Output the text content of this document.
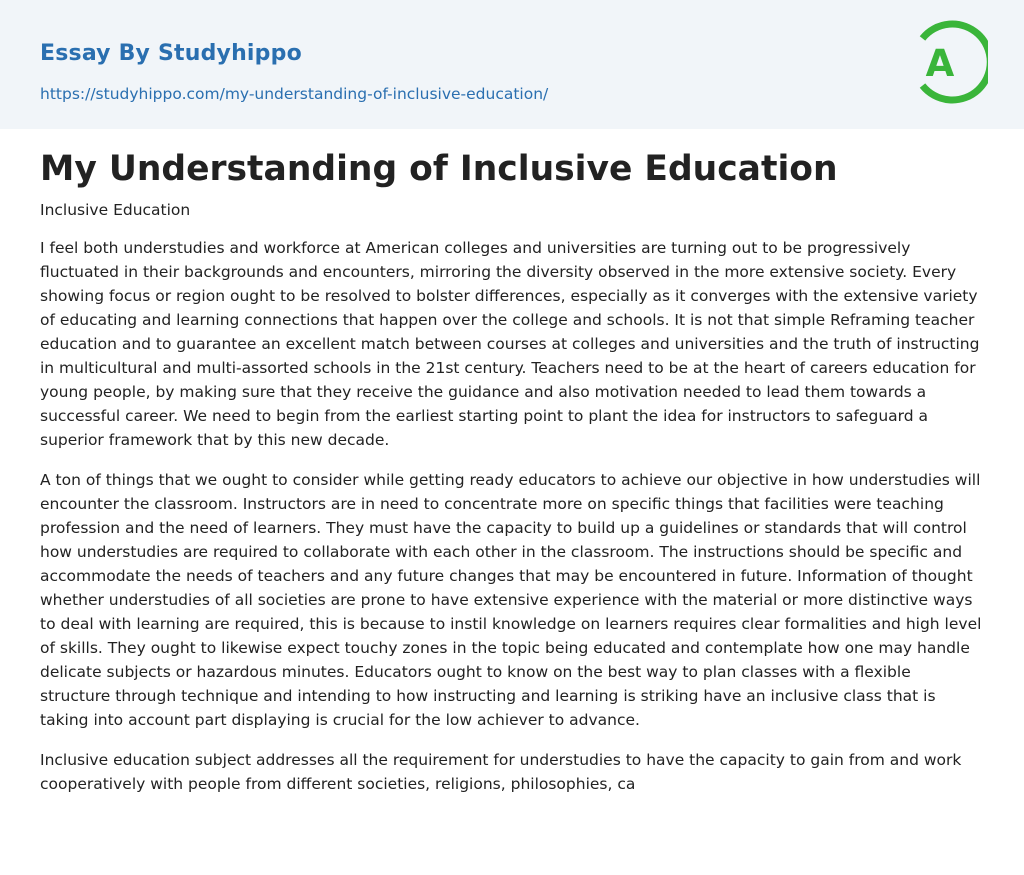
Essay By Studyhippo
https://studyhippo.com/my-understanding-of-inclusive-education/
A
My Understanding of Inclusive Education
Inclusive Education

I feel both understudies and workforce at American colleges and universities are turning out to be progressively fluctuated in their backgrounds and encounters, mirroring the diversity observed in the more extensive society. Every showing focus or region ought to be resolved to bolster differences, especially as it converges with the extensive variety of educating and learning connections that happen over the college and schools. It is not that simple Reframing teacher education and to guarantee an excellent match between courses at colleges and universities and the truth of instructing in multicultural and multi-assorted schools in the 21st century. Teachers need to be at the heart of careers education for young people, by making sure that they receive the guidance and also motivation needed to lead them towards a successful career. We need to begin from the earliest starting point to plant the idea for instructors to safeguard a superior framework that by this new decade.

A ton of things that we ought to consider while getting ready educators to achieve our objective in how understudies will encounter the classroom. Instructors are in need to concentrate more on specific things that facilities were teaching profession and the need of learners. They must have the capacity to build up a guidelines or standards that will control how understudies are required to collaborate with each other in the classroom. The instructions should be specific and accommodate the needs of teachers and any future changes that may be encountered in future. Information of thought whether understudies of all societies are prone to have extensive experience with the material or more distinctive ways to deal with learning are required, this is because to instil knowledge on learners requires clear formalities and high level of skills. They ought to likewise expect touchy zones in the topic being educated and contemplate how one may handle delicate subjects or hazardous minutes. Educators ought to know on the best way to plan classes with a flexible structure through technique and intending to how instructing and learning is striking have an inclusive class that is taking into account part displaying is crucial for the low achiever to advance.

Inclusive education subject addresses all the requirement for understudies to have the capacity to gain from and work cooperatively with people from different societies, religions, philosophies, ca
